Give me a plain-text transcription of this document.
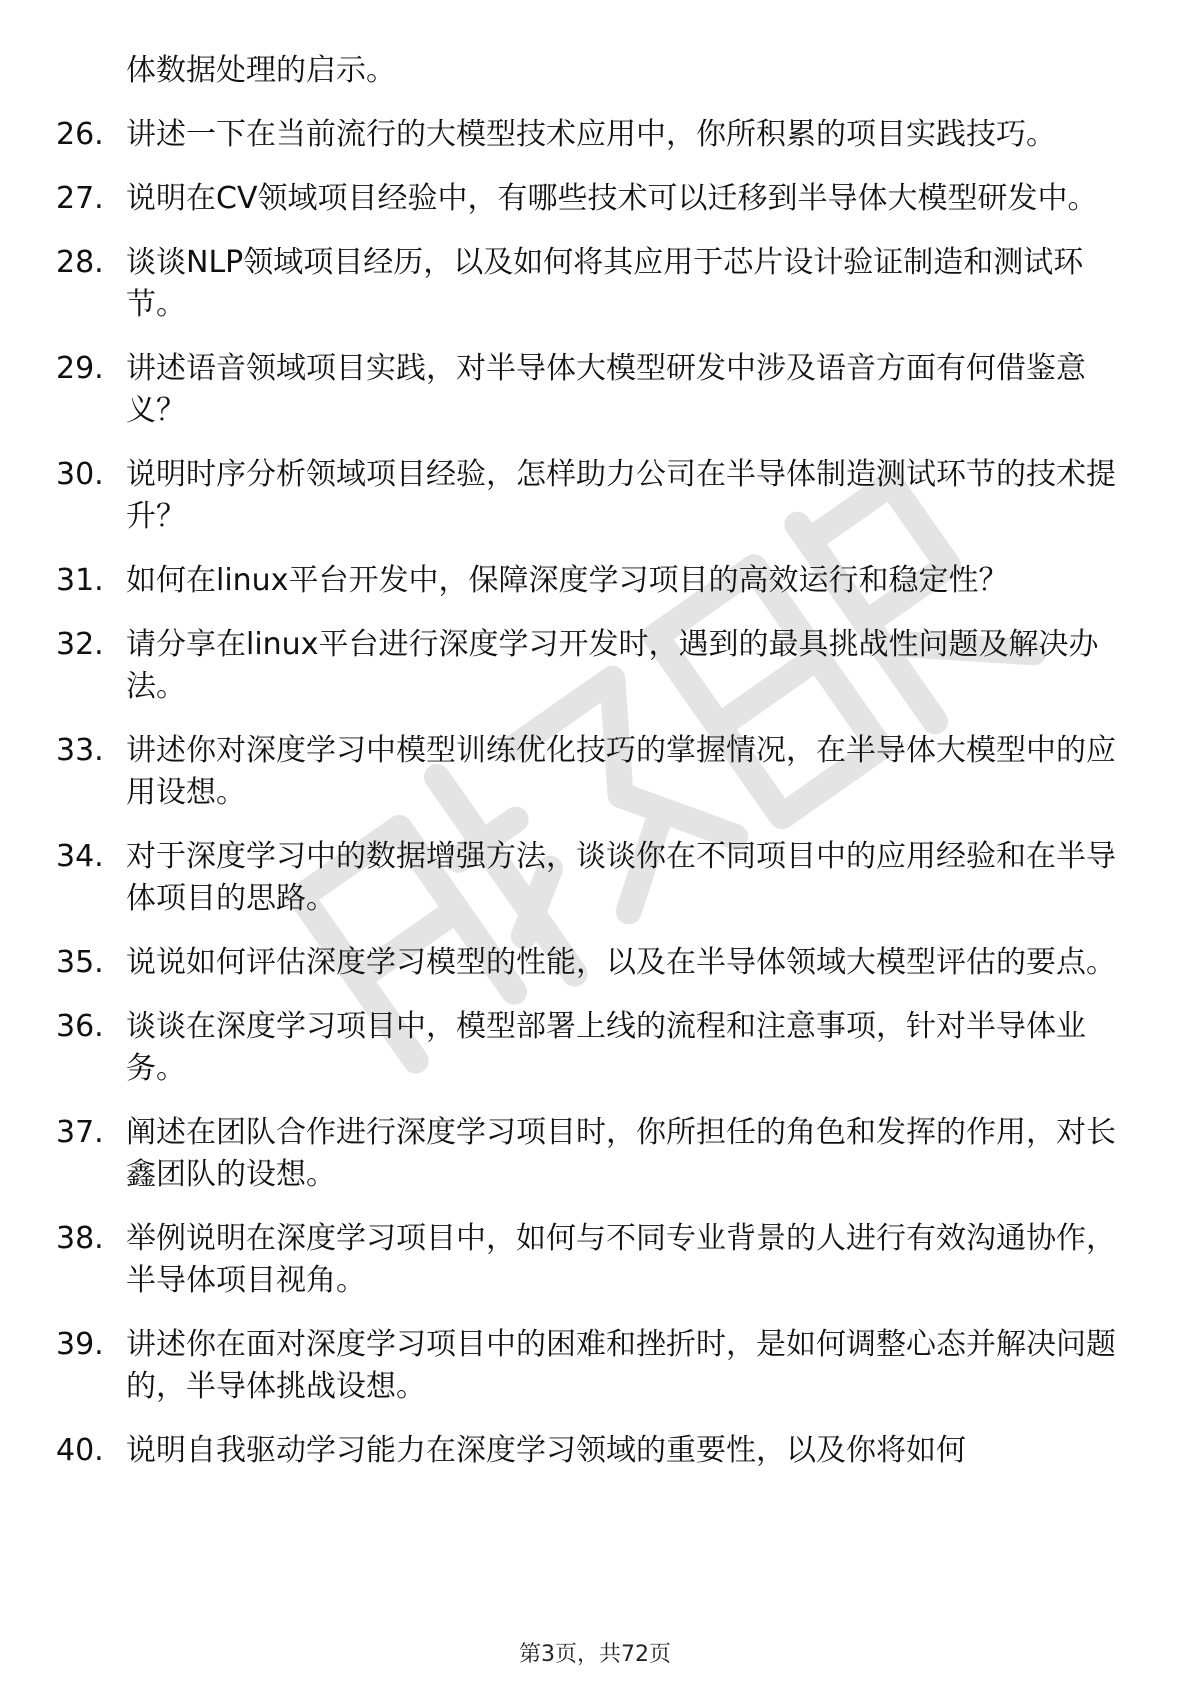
体数据处理的启示。
26. 讲述一下在当前流行的大模型技术应用中，你所积累的项目实践技巧。
27. 说明在CV领域项目经验中，有哪些技术可以迁移到半导体大模型研发中。
28. 谈谈NLP领域项目经历，以及如何将其应用于芯片设计验证制造和测试环节。
29. 讲述语音领域项目实践，对半导体大模型研发中涉及语音方面有何借鉴意义？
30. 说明时序分析领域项目经验，怎样助力公司在半导体制造测试环节的技术提升？
31. 如何在linux平台开发中，保障深度学习项目的高效运行和稳定性？
32. 请分享在linux平台进行深度学习开发时，遇到的最具挑战性问题及解决办法。
33. 讲述你对深度学习中模型训练优化技巧的掌握情况，在半导体大模型中的应用设想。
34. 对于深度学习中的数据增强方法，谈谈你在不同项目中的应用经验和在半导体项目的思路。
35. 说说如何评估深度学习模型的性能，以及在半导体领域大模型评估的要点。
36. 谈谈在深度学习项目中，模型部署上线的流程和注意事项，针对半导体业务。
37. 阐述在团队合作进行深度学习项目时，你所担任的角色和发挥的作用，对长鑫团队的设想。
38. 举例说明在深度学习项目中，如何与不同专业背景的人进行有效沟通协作，半导体项目视角。
39. 讲述你在面对深度学习项目中的困难和挫折时，是如何调整心态并解决问题的，半导体挑战设想。
40. 说明自我驱动学习能力在深度学习领域的重要性，以及你将如何
第3页，共72页
